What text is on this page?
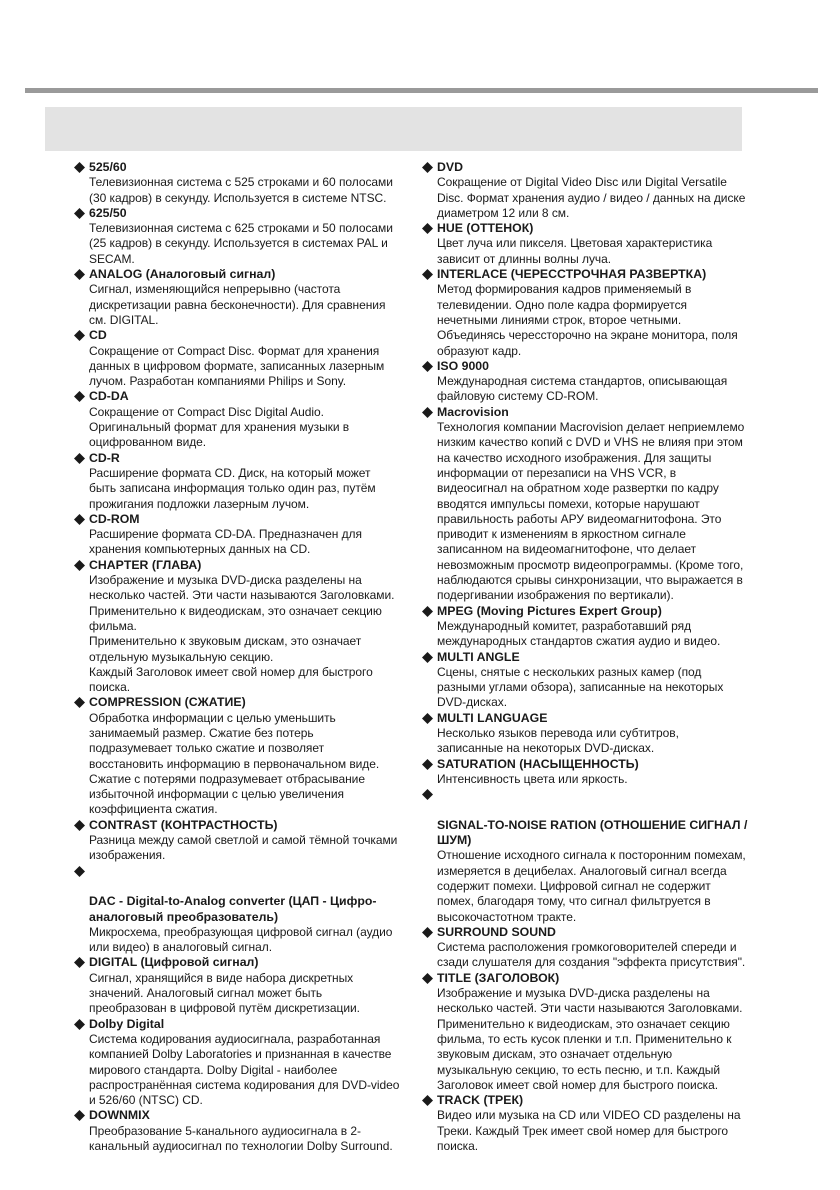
525/60
Телевизионная система с 525 строками и 60 полосами
(30 кадров) в секунду. Используется в системе NTSC.
625/50
Телевизионная система с 625 строками и 50 полосами
(25 кадров) в секунду. Используется в системах PAL и
SECAM.
ANALOG (Аналоговый сигнал)
Сигнал, изменяющийся непрерывно (частота
дискретизации равна бесконечности). Для сравнения
см. DIGITAL.
CD
Сокращение от Compact Disc. Формат для хранения
данных в цифровом формате, записанных лазерным
лучом. Разработан компаниями Philips и Sony.
CD-DA
Сокращение от Compact Disc Digital Audio.
Оригинальный формат для хранения музыки в
оцифрованном виде.
CD-R
Расширение формата CD. Диск, на который может
быть записана информация только один раз, путём
прожигания подложки лазерным лучом.
CD-ROM
Расширение формата CD-DA. Предназначен для
хранения компьютерных данных на CD.
CHAPTER (ГЛАВА)
Изображение и музыка DVD-диска разделены на
несколько частей. Эти части называются Заголовками.
Применительно к видеодискам, это означает секцию
фильма.
Применительно к звуковым дискам, это означает
отдельную музыкальную секцию.
Каждый Заголовок имеет свой номер для быстрого
поиска.
COMPRESSION (СЖАТИЕ)
Обработка информации с целью уменьшить
занимаемый размер. Сжатие без потерь
подразумевает только сжатие и позволяет
восстановить информацию в первоначальном виде.
Сжатие с потерями подразумевает отбрасывание
избыточной информации с целью увеличения
коэффициента сжатия.
CONTRAST (КОНТРАСТНОСТЬ)
Разница между самой светлой и самой тёмной точками
изображения.

DAC - Digital-to-Analog converter (ЦАП - Цифро-
аналоговый преобразователь)

Микросхема, преобразующая цифровой сигнал (аудио
или видео) в аналоговый сигнал.
DIGITAL (Цифровой сигнал)
Сигнал, хранящийся в виде набора дискретных
значений. Аналоговый сигнал может быть
преобразован в цифровой путём дискретизации.
Dolby Digital
Система кодирования аудиосигнала, разработанная
компанией Dolby Laboratories и признанная в качестве
мирового стандарта. Dolby Digital - наиболее
распространённая система кодирования для DVD-video
и 526/60 (NTSC) CD.
DOWNMIX
Преобразование 5-канального аудиосигнала в 2-
канальный аудиосигнал по технологии Dolby Surround.
DVD
Сокращение от Digital Video Disc или Digital Versatile
Disc. Формат хранения аудио / видео / данных на диске
диаметром 12 или 8 см.
HUE (ОТТЕНОК)
Цвет луча или пикселя. Цветовая характеристика
зависит от длинны волны луча.
INTERLACE (ЧЕРЕССТРОЧНАЯ РАЗВЕРТКА)
Метод формирования кадров применяемый в
телевидении. Одно поле кадра формируется
нечетными линиями строк, второе четными.
Объединясь черессторочно на экране монитора, поля
образуют кадр.
ISO 9000
Международная система стандартов, описывающая
файловую систему CD-ROM.
Macrovision
Технология компании Macrovision делает неприемлемо
низким качество копий с DVD и VHS не влияя при этом
на качество исходного изображения. Для защиты
информации от перезаписи на VHS VCR, в
видеосигнал на обратном ходе развертки по кадру
вводятся импульсы помехи, которые нарушают
правильность работы АРУ видеомагнитофона. Это
приводит к изменениям в яркостном сигнале
записанном на видеомагнитофоне, что делает
невозможным просмотр видеопрограммы. (Кроме того,
наблюдаются срывы синхронизации, что выражается в
подергивании изображения по вертикали).
MPEG (Moving Pictures Expert Group)
Международный комитет, разработавший ряд
международных стандартов сжатия аудио и видео.
MULTI ANGLE
Сцены, снятые с нескольких разных камер (под
разными углами обзора), записанные на некоторых
DVD-дисках.
MULTI LANGUAGE
Несколько языков перевода или субтитров,
записанные на некоторых DVD-дисках.
SATURATION (НАСЫЩЕННОСТЬ)
Интенсивность цвета или яркость.

SIGNAL-TO-NOISE RATION (ОТНОШЕНИЕ СИГНАЛ /
ШУМ)

Отношение исходного сигнала к посторонним помехам,
измеряется в децибелах. Аналоговый сигнал всегда
содержит помехи. Цифровой сигнал не содержит
помех, благодаря тому, что сигнал фильтруется в
высокочастотном тракте.
SURROUND SOUND
Система расположения громкоговорителей спереди и
сзади слушателя для создания "эффекта присутствия".
TITLE (ЗАГОЛОВОК)
Изображение и музыка DVD-диска разделены на
несколько частей. Эти части называются Заголовками.
Применительно к видеодискам, это означает секцию
фильма, то есть кусок пленки и т.п. Применительно к
звуковым дискам, это означает отдельную
музыкальную секцию, то есть песню, и т.п. Каждый
Заголовок имеет свой номер для быстрого поиска.
TRACK (ТРЕК)
Видео или музыка на CD или VIDEO CD разделены на
Треки. Каждый Трек имеет свой номер для быстрого
поиска.
